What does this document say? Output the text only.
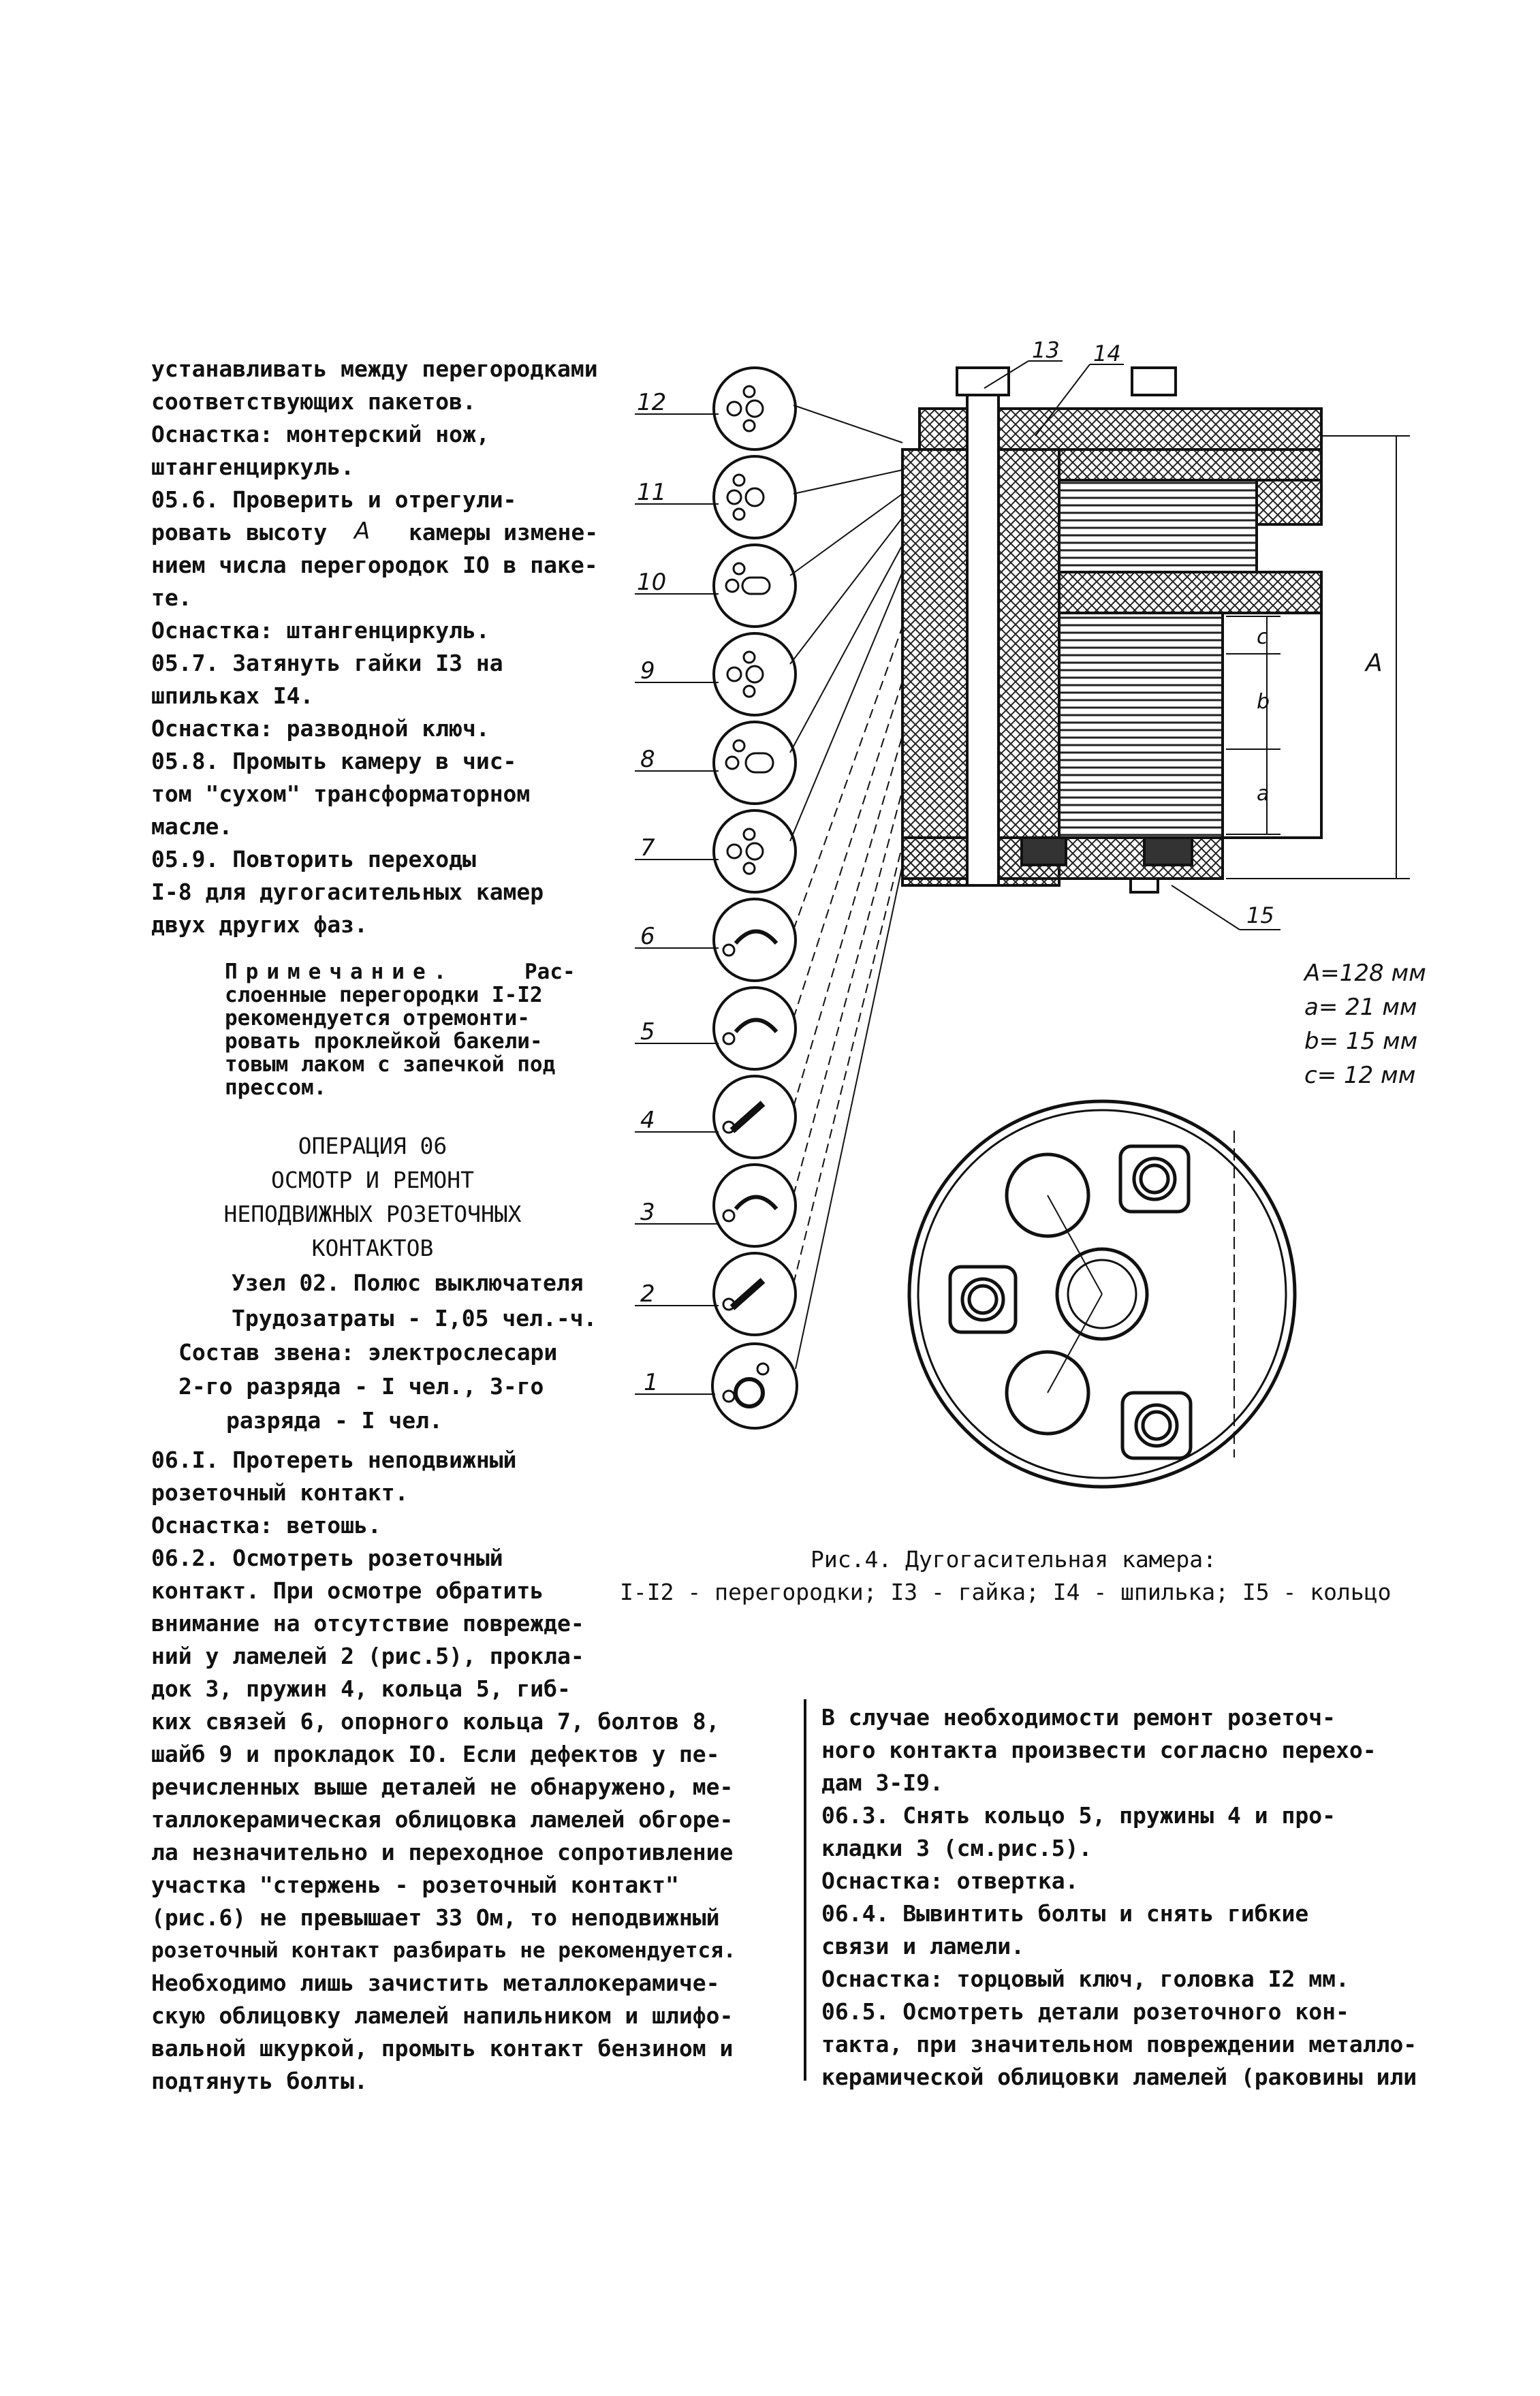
устанавливать между перегородками
соответствующих пакетов.
Оснастка: монтерский нож,
штангенциркуль.
05.6. Проверить и отрегули-
ровать высоту A камеры изменe-
нием числа перегородок IO в паке-
те.
Оснастка: штангенциркуль.
05.7. Затянуть гайки I3 на
шпильках I4.
Оснастка: разводной ключ.
05.8. Промыть камеру в чис-
том "сухом" трансформаторном
масле.
05.9. Повторить переходы
I-8 для дугогасительных камер
двух других фаз.
Примечание.	Рас-
слоенные перегородки I-I2
рекомендуется отремонти-
ровать проклейкой бакели-
товым лаком с запечкой под
прессом.
ОПЕРАЦИЯ 06
ОСМОТР И РЕМОНТ
НЕПОДВИЖНЫХ РОЗЕТОЧНЫХ
КОНТАКТОВ
Узел 02. Полюс выключателя
Трудозатраты - I,05 чел.-ч.
Состав звена: электрослесари
2-го разряда - I чел., 3-го
разряда - I чел.
06.I. Протереть неподвижный
розеточный контакт.
Оснастка: ветошь.
06.2. Осмотреть розеточный
контакт. При осмотре обратить
внимание на отсутствие поврежде-
ний у ламелей 2 (рис.5), прокла-
док 3, пружин 4, кольца 5, гиб-
ких связей 6, опорного кольца 7, болтов 8,
шайб 9 и прокладок IO. Если дефектов у пе-
речисленных выше деталей не обнаружено, ме-
таллокерамическая облицовка ламелей обгоре-
ла незначительно и переходное сопротивление
участка "стержень - розеточный контакт"
(рис.6) не превышает 33 Ом, то неподвижный
розеточный контакт разбирать не рекомендуется.
Необходимо лишь зачистить металлокерамиче-
скую облицовку ламелей напильником и шлифо-
вальной шкуркой, промыть контакт бензином и
подтянуть болты.
В случае необходимости ремонт розеточ-
ного контакта произвести согласно перехо-
дам 3-I9.
06.3. Снять кольцо 5, пружины 4 и про-
кладки 3 (см.рис.5).
Оснастка: отвертка.
06.4. Вывинтить болты и снять гибкие
связи и ламели.
Оснастка: торцовый ключ, головка I2 мм.
06.5. Осмотреть детали розеточного кон-
такта, при значительном повреждении металло-
керамической облицовки ламелей (раковины или
12
11
10
9
8
7
6
5
4
3
2
1
13 14
15
A
c
b
a
A=128 мм
a= 21 мм
b= 15 мм
c= 12 мм
Рис.4. Дугогасительная камера:
I-I2 - перегородки; I3 - гайка; I4 - шпилька; I5 - кольцо
